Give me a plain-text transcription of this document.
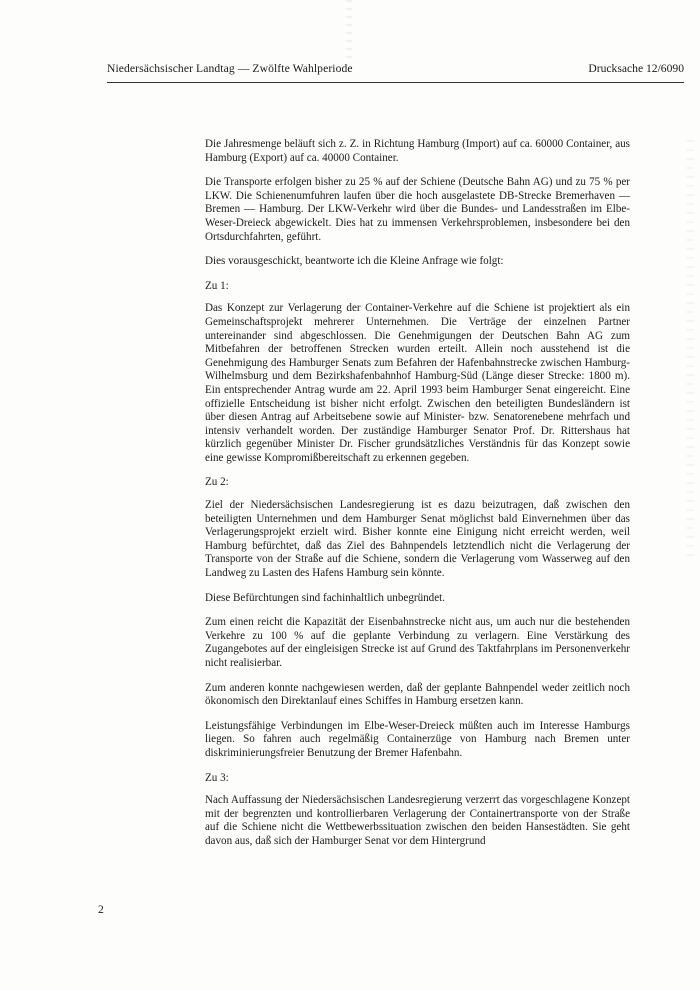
Niedersächsischer Landtag — Zwölfte Wahlperiode	Drucksache 12/6090

Die Jahresmenge beläuft sich z. Z. in Richtung Hamburg (Import) auf ca. 60000 Container, aus Hamburg (Export) auf ca. 40000 Container.

Die Transporte erfolgen bisher zu 25 % auf der Schiene (Deutsche Bahn AG) und zu 75 % per LKW. Die Schienenumfuhren laufen über die hoch ausgelastete DB-Strecke Bremerhaven — Bremen — Hamburg. Der LKW-Verkehr wird über die Bundes- und Landesstraßen im Elbe-Weser-Dreieck abgewickelt. Dies hat zu immensen Verkehrsproblemen, insbesondere bei den Ortsdurchfahrten, geführt.

Dies vorausgeschickt, beantworte ich die Kleine Anfrage wie folgt:

Zu 1:

Das Konzept zur Verlagerung der Container-Verkehre auf die Schiene ist projektiert als ein Gemeinschaftsprojekt mehrerer Unternehmen. Die Verträge der einzelnen Partner untereinander sind abgeschlossen. Die Genehmigungen der Deutschen Bahn AG zum Mitbefahren der betroffenen Strecken wurden erteilt. Allein noch ausstehend ist die Genehmigung des Hamburger Senats zum Befahren der Hafenbahnstrecke zwischen Hamburg-Wilhelmsburg und dem Bezirkshafenbahnhof Hamburg-Süd (Länge dieser Strecke: 1800 m). Ein entsprechender Antrag wurde am 22. April 1993 beim Hamburger Senat eingereicht. Eine offizielle Entscheidung ist bisher nicht erfolgt. Zwischen den beteiligten Bundesländern ist über diesen Antrag auf Arbeitsebene sowie auf Minister- bzw. Senatorenebene mehrfach und intensiv verhandelt worden. Der zuständige Hamburger Senator Prof. Dr. Rittershaus hat kürzlich gegenüber Minister Dr. Fischer grundsätzliches Verständnis für das Konzept sowie eine gewisse Kompromißbereitschaft zu erkennen gegeben.

Zu 2:

Ziel der Niedersächsischen Landesregierung ist es dazu beizutragen, daß zwischen den beteiligten Unternehmen und dem Hamburger Senat möglichst bald Einvernehmen über das Verlagerungsprojekt erzielt wird. Bisher konnte eine Einigung nicht erreicht werden, weil Hamburg befürchtet, daß das Ziel des Bahnpendels letztendlich nicht die Verlagerung der Transporte von der Straße auf die Schiene, sondern die Verlagerung vom Wasserweg auf den Landweg zu Lasten des Hafens Hamburg sein könnte.

Diese Befürchtungen sind fachinhaltlich unbegründet.

Zum einen reicht die Kapazität der Eisenbahnstrecke nicht aus, um auch nur die bestehenden Verkehre zu 100 % auf die geplante Verbindung zu verlagern. Eine Verstärkung des Zugangebotes auf der eingleisigen Strecke ist auf Grund des Taktfahrplans im Personenverkehr nicht realisierbar.

Zum anderen konnte nachgewiesen werden, daß der geplante Bahnpendel weder zeitlich noch ökonomisch den Direktanlauf eines Schiffes in Hamburg ersetzen kann.

Leistungsfähige Verbindungen im Elbe-Weser-Dreieck müßten auch im Interesse Hamburgs liegen. So fahren auch regelmäßig Containerzüge von Hamburg nach Bremen unter diskriminierungsfreier Benutzung der Bremer Hafenbahn.

Zu 3:

Nach Auffassung der Niedersächsischen Landesregierung verzerrt das vorgeschlagene Konzept mit der begrenzten und kontrollierbaren Verlagerung der Containertransporte von der Straße auf die Schiene nicht die Wettbewerbssituation zwischen den beiden Hansestädten. Sie geht davon aus, daß sich der Hamburger Senat vor dem Hintergrund

2
